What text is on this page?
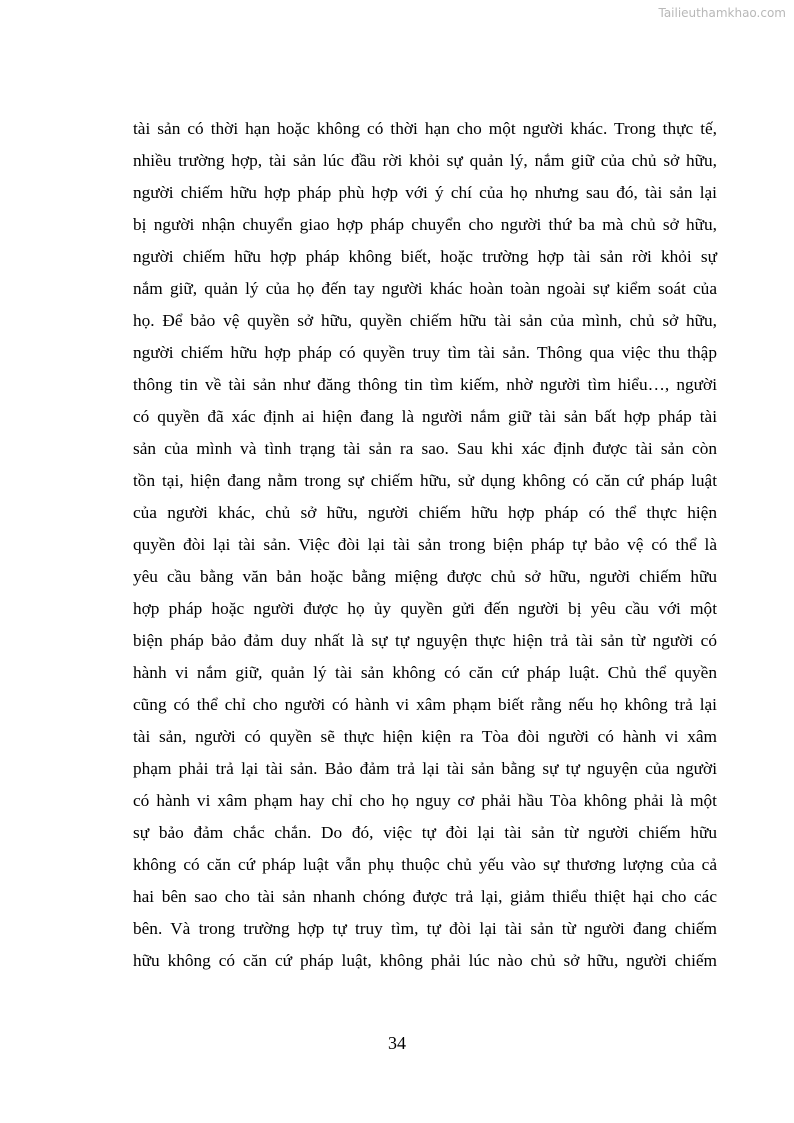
Tailieuthamkhao.com
tài sản có thời hạn hoặc không có thời hạn cho một người khác. Trong thực tế,
nhiều trường hợp, tài sản lúc đầu rời khỏi sự quản lý, nắm giữ của chủ sở hữu,
người chiếm hữu hợp pháp phù hợp với ý chí của họ nhưng sau đó, tài sản lại
bị người nhận chuyển giao hợp pháp chuyển cho người thứ ba mà chủ sở hữu,
người chiếm hữu hợp pháp không biết, hoặc trường hợp tài sản rời khỏi sự
nắm giữ, quản lý của họ đến tay người khác hoàn toàn ngoài sự kiểm soát của
họ. Để bảo vệ quyền sở hữu, quyền chiếm hữu tài sản của mình, chủ sở hữu,
người chiếm hữu hợp pháp có quyền truy tìm tài sản. Thông qua việc thu thập
thông tin về tài sản như đăng thông tin tìm kiếm, nhờ người tìm hiểu…, người
có quyền đã xác định ai hiện đang là người nắm giữ tài sản bất hợp pháp tài
sản của mình và tình trạng tài sản ra sao. Sau khi xác định được tài sản còn
tồn tại, hiện đang nằm trong sự chiếm hữu, sử dụng không có căn cứ pháp luật
của người khác, chủ sở hữu, người chiếm hữu hợp pháp có thể thực hiện
quyền đòi lại tài sản. Việc đòi lại tài sản trong biện pháp tự bảo vệ có thể là
yêu cầu bằng văn bản hoặc bằng miệng được chủ sở hữu, người chiếm hữu
hợp pháp hoặc người được họ ủy quyền gửi đến người bị yêu cầu với một
biện pháp bảo đảm duy nhất là sự tự nguyện thực hiện trả tài sản từ người có
hành vi nắm giữ, quản lý tài sản không có căn cứ pháp luật. Chủ thể quyền
cũng có thể chỉ cho người có hành vi xâm phạm biết rằng nếu họ không trả lại
tài sản, người có quyền sẽ thực hiện kiện ra Tòa đòi người có hành vi xâm
phạm phải trả lại tài sản. Bảo đảm trả lại tài sản bằng sự tự nguyện của người
có hành vi xâm phạm hay chỉ cho họ nguy cơ phải hầu Tòa không phải là một
sự bảo đảm chắc chắn. Do đó, việc tự đòi lại tài sản từ người chiếm hữu
không có căn cứ pháp luật vẫn phụ thuộc chủ yếu vào sự thương lượng của cả
hai bên sao cho tài sản nhanh chóng được trả lại, giảm thiểu thiệt hại cho các
bên. Và trong trường hợp tự truy tìm, tự đòi lại tài sản từ người đang chiếm
hữu không có căn cứ pháp luật, không phải lúc nào chủ sở hữu, người chiếm
34
